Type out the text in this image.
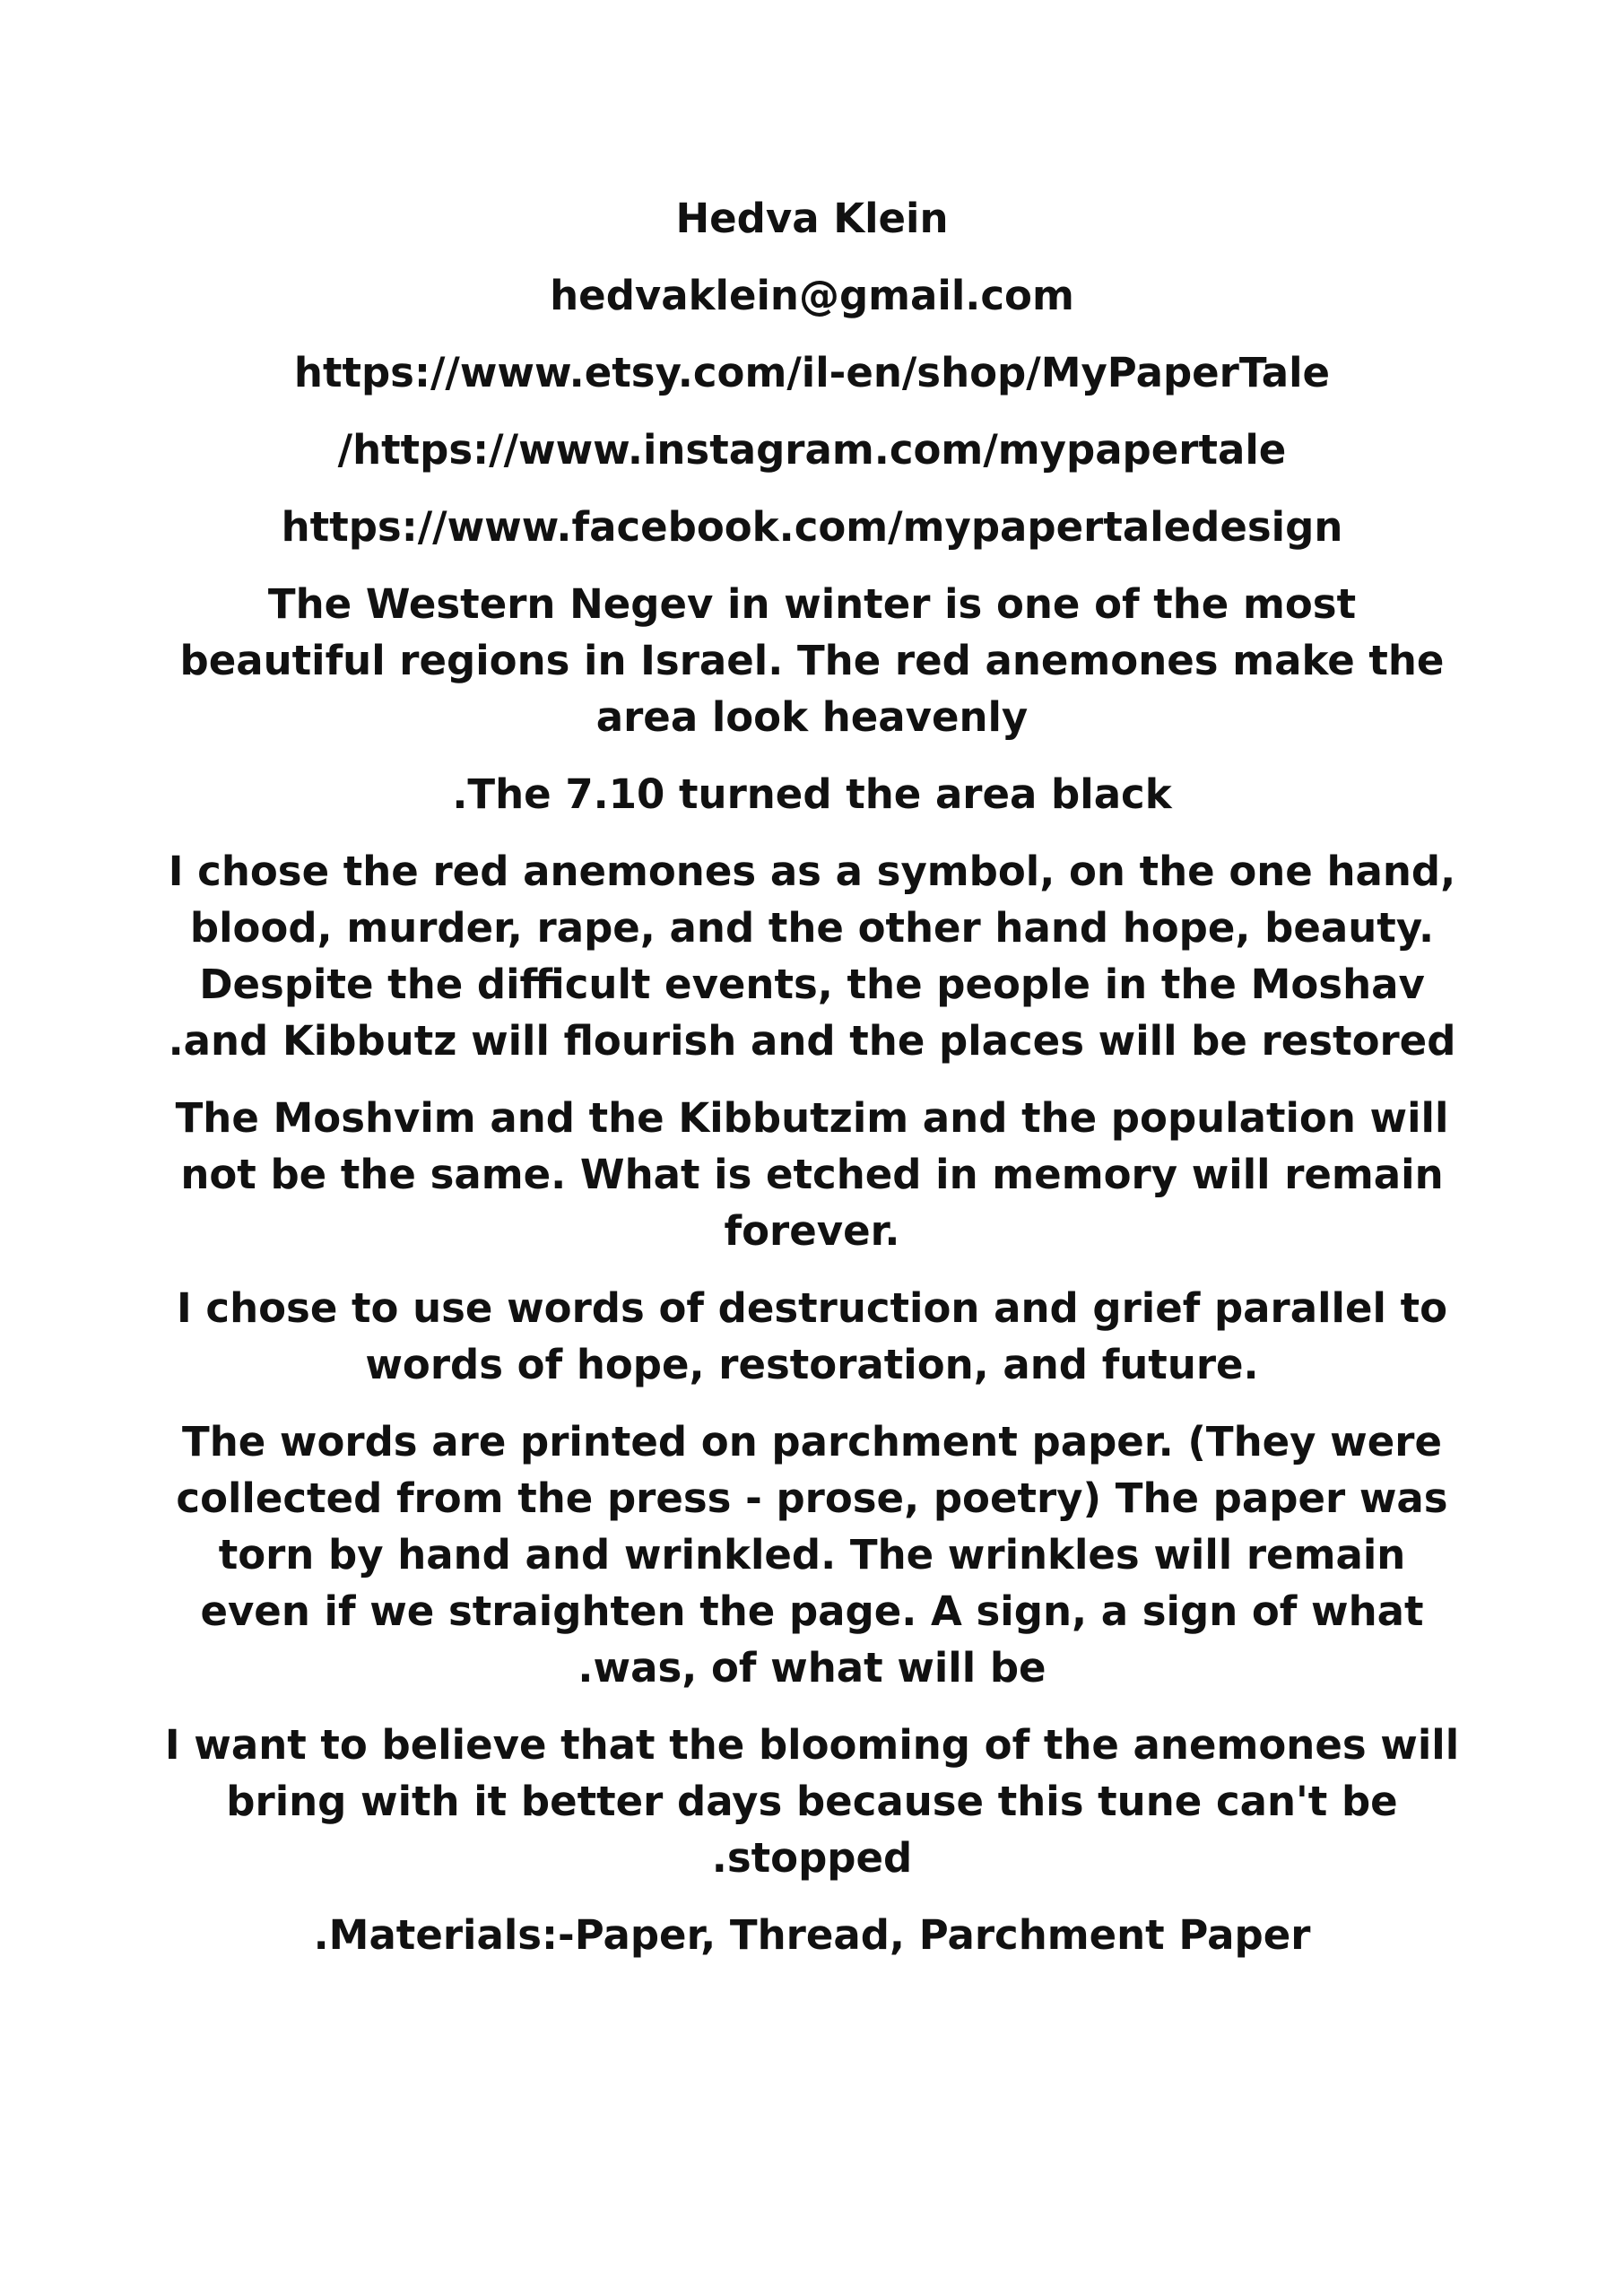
Hedva Klein
hedvaklein@gmail.com
https://www.etsy.com/il-en/shop/MyPaperTale
/https://www.instagram.com/mypapertale
https://www.facebook.com/mypapertaledesign
The Western Negev in winter is one of the most
beautiful regions in Israel. The red anemones make the
area look heavenly
.The 7.10 turned the area black
I chose the red anemones as a symbol, on the one hand,
blood, murder, rape, and the other hand hope, beauty.
Despite the difficult events, the people in the Moshav
.and Kibbutz will flourish and the places will be restored
The Moshvim and the Kibbutzim and the population will
not be the same. What is etched in memory will remain
forever.
I chose to use words of destruction and grief parallel to
words of hope, restoration, and future.
The words are printed on parchment paper. (They were
collected from the press - prose, poetry) The paper was
torn by hand and wrinkled. The wrinkles will remain
even if we straighten the page. A sign, a sign of what
.was, of what will be
I want to believe that the blooming of the anemones will
bring with it better days because this tune can't be
.stopped
.Materials:-Paper, Thread, Parchment Paper
